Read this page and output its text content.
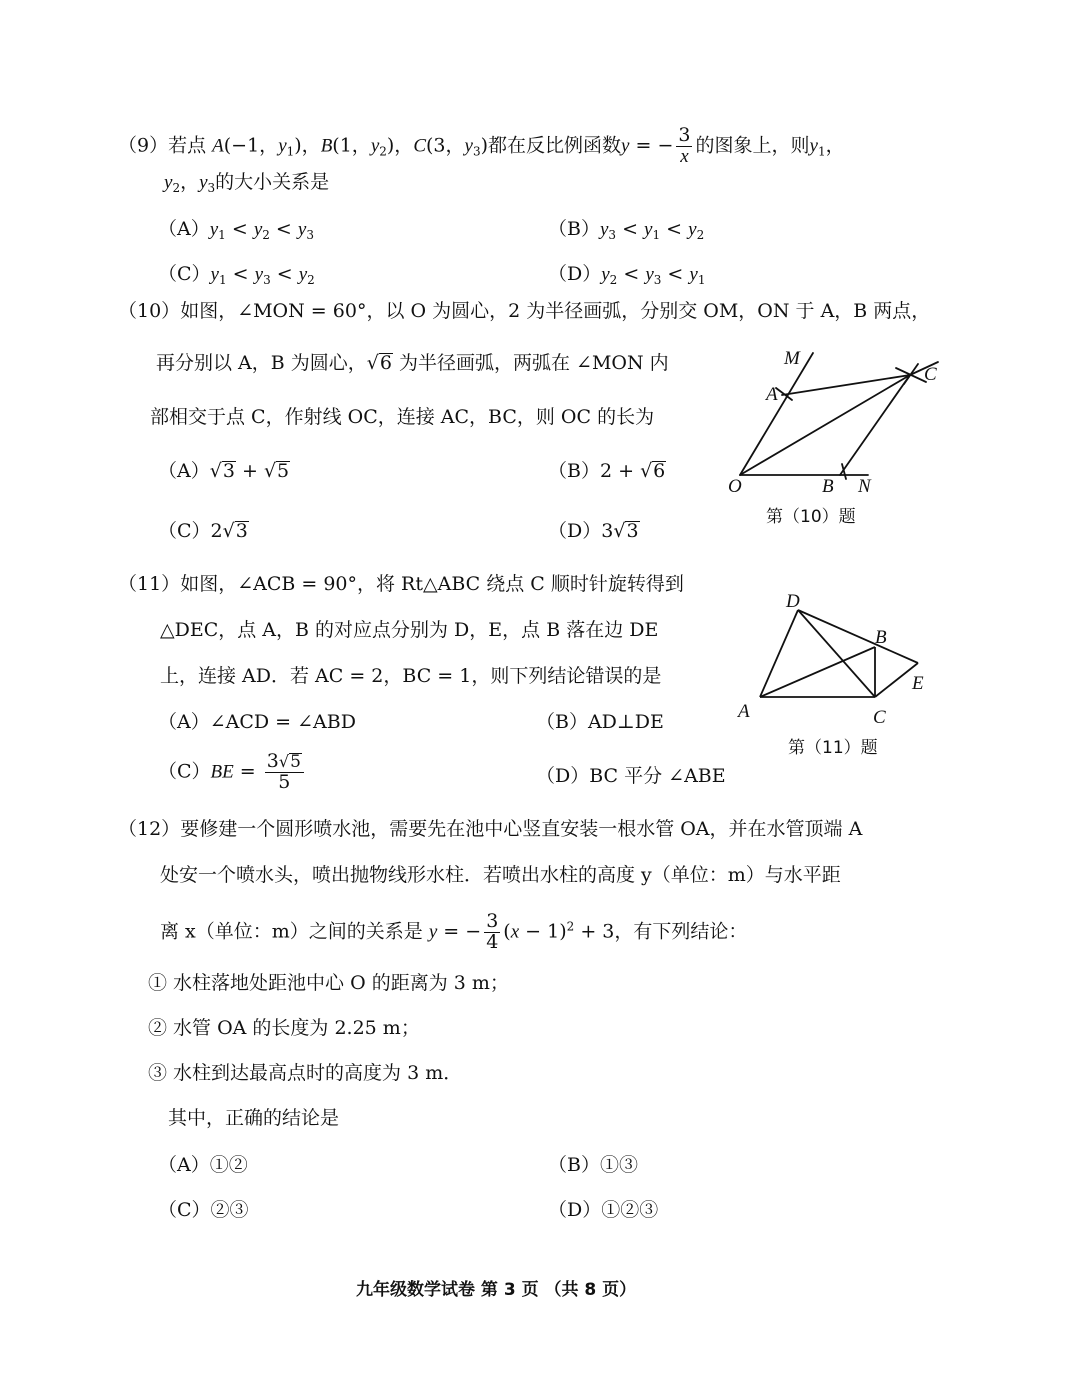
（9）若点 A(−1，$y_1$)，B(1，$y_2$)，C(3，$y_3$)都在反比例函数y = − $\frac{3}{x}$ 的图象上，则$y_1$，
$y_2$，$y_3$的大小关系是
$(A)y_1 < y_2 < y_3$	$(B)y_3 < y_1 < y_2$
$(C)y_1 < y_3 < y_2$	$(D)y_2 < y_3 < y_1$
（10）如图，∠MON = 60°，以 O 为圆心，2 为半径画弧，分别交 OM，ON 于 A，B 两点，
再分别以 A，B 为圆心，√6 为半径画弧，两弧在 ∠MON 内
部相交于点 C，作射线 OC，连接 AC，BC，则 OC 的长为
（A）√3 + √5	（B）2 + √6
（C）2√3	（D）3√3
M
A
C
O	B N
第（10）题
（11）如图，∠ACB = 90°，将 Rt△ABC 绕点 C 顺时针旋转得到
△DEC，点 A，B 的对应点分别为 D，E，点 B 落在边 DE
上，连接 AD．若 AC = 2，BC = 1，则下列结论错误的是
（A）∠ACD = ∠ABD	（B）AD⊥DE
$(C)BE = \frac{3√5}{5}$	（D）BC 平分 ∠ABE
D
B
E
A	C
第（11）题
（12）要修建一个圆形喷水池，需要先在池中心竖直安装一根水管 OA，并在水管顶端 A
处安一个喷水头，喷出抛物线形水柱．若喷出水柱的高度 y（单位：m）与水平距
离 x（单位：m）之间的关系是 y = − $\frac{3}{4} (x - 1)^2 + 3$，有下列结论：
① 水柱落地处距池中心 O 的距离为 3 m；
② 水管 OA 的长度为 2.25 m；
③ 水柱到达最高点时的高度为 3 m．
其中，正确的结论是
（A）①②	（B）①③
（C）②③	（D）①②③
九年级数学试卷 第 3 页 （共 8 页）
